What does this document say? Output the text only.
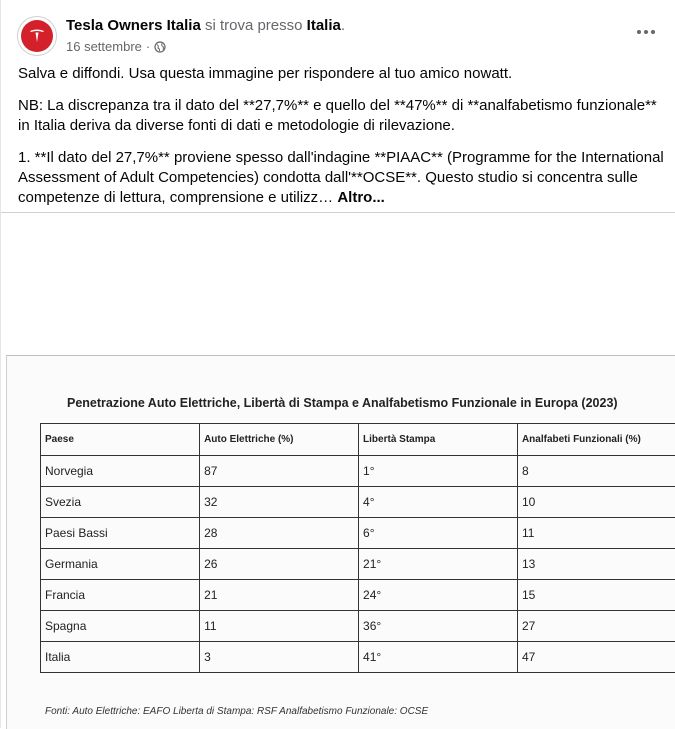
Tesla Owners Italia si trova presso Italia.
16 settembre ·

Salva e diffondi. Usa questa immagine per rispondere al tuo amico nowatt.

NB: La discrepanza tra il dato del **27,7%** e quello del **47%** di **analfabetismo funzionale** in Italia deriva da diverse fonti di dati e metodologie di rilevazione.

1. **Il dato del 27,7%** proviene spesso dall'indagine **PIAAC** (Programme for the International Assessment of Adult Competencies) condotta dall'**OCSE**. Questo studio si concentra sulle competenze di lettura, comprensione e utilizz… Altro...

Penetrazione Auto Elettriche, Libertà di Stampa e Analfabetismo Funzionale in Europa (2023)
Paese	Auto Elettriche (%)	Libertà Stampa	Analfabeti Funzionali (%)
Norvegia	87	1°	8
Svezia	32	4°	10
Paesi Bassi	28	6°	11
Germania	26	21°	13
Francia	21	24°	15
Spagna	11	36°	27
Italia	3	41°	47
Fonti: Auto Elettriche: EAFO Liberta di Stampa: RSF Analfabetismo Funzionale: OCSE
